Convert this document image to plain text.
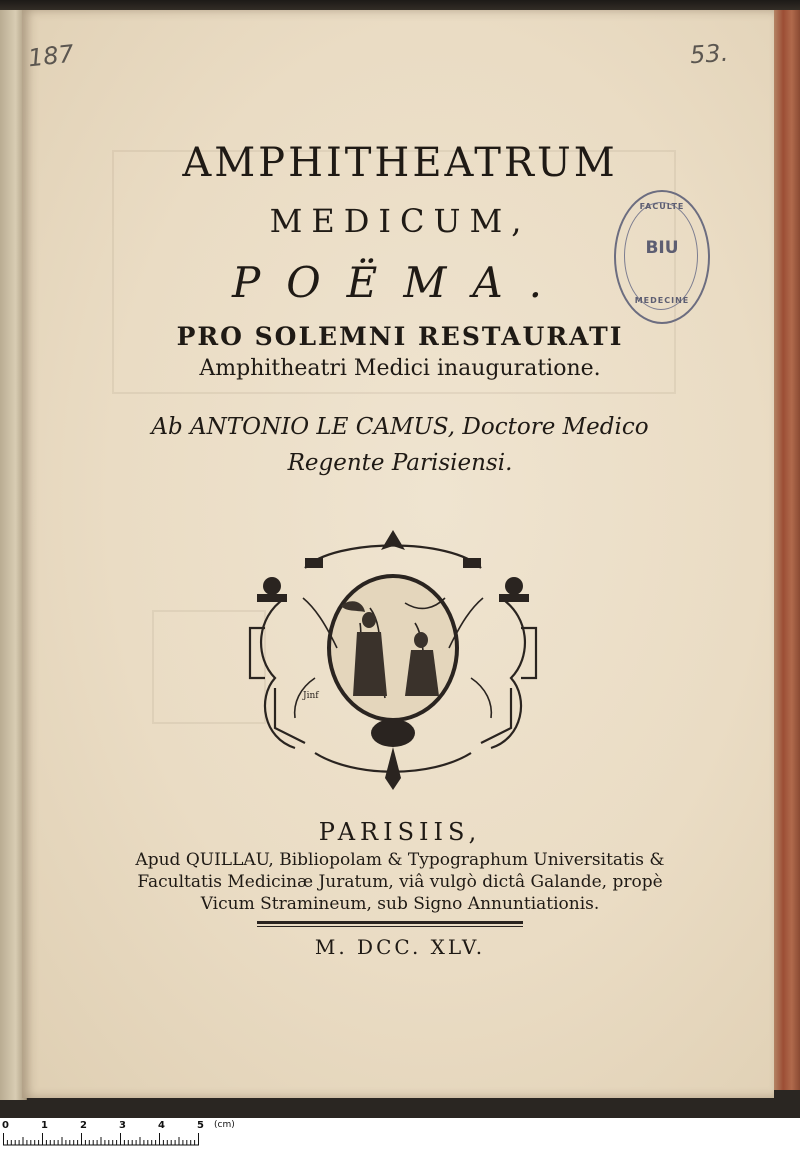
187	53.
FACULTE
BIU
MEDECINE
AMPHITHEATRUM
MEDICUM,
POËMA.
PRO SOLEMNI RESTAURATI
Amphitheatri Medici inauguratione.
Ab ANTONIO LE CAMUS, Doctore Medico
Regente Parisiensi.
Jinf
PARISIIS,
Apud QUILLAU, Bibliopolam & Typographum Universitatis &
Facultatis Medicinæ Juratum, viâ vulgò dictâ Galande, propè
Vicum Stramineum, sub Signo Annuntiationis.
M. DCC. XLV.
0	1	2	3	4	5 (cm)
